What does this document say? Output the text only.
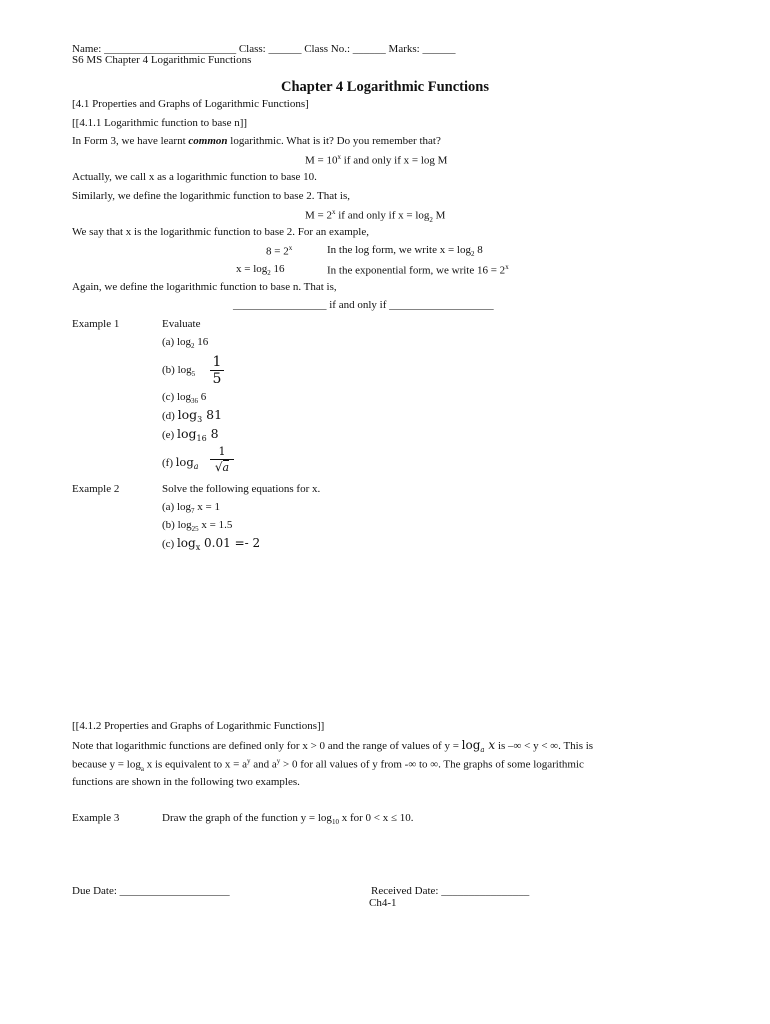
Name: ________________________ Class: ______ Class No.: ______ Marks: ______
S6 MS Chapter 4 Logarithmic Functions
Chapter 4 Logarithmic Functions
[4.1 Properties and Graphs of Logarithmic Functions]
[[4.1.1 Logarithmic function to base n]]
In Form 3, we have learnt common logarithmic. What is it? Do you remember that?
$M = 10^x$ if and only if x = log M
Actually, we call x as a logarithmic function to base 10.
Similarly, we define the logarithmic function to base 2. That is,
$M = 2^x$ if and only if $x = \log_2 M$
We say that x is the logarithmic function to base 2. For an example,
$8 = 2^x$	In the log form, we write $x = \log_2 8$
$x = \log_2 16$	In the exponential form, we write $16 = 2^x$
Again, we define the logarithmic function to base n. That is,
_________________ if and only if ___________________
Example 1	Evaluate
(a) $\log_2 16$
(b) $\log_5$
1
5
(c) $\log_{36} 6$
(d) $\log_3 81$
(e) $\log_{16} 8$
(f) $\log_a$
1
√a
Example 2	Solve the following equations for x.
(a) $\log_7 x = 1$
(b) $\log_{25} x = 1.5$
(c) $\log_x 0.01 =- 2$
[[4.1.2 Properties and Graphs of Logarithmic Functions]]
Note that logarithmic functions are defined only for x > 0 and the range of values of $y = \log_a x$ is –∞ < y < ∞. This is
because $y = \log_a x$ is equivalent to $x = a^y$ and $a^y > 0$ for all values of y from -∞ to ∞. The graphs of some logarithmic
functions are shown in the following two examples.
Example 3	Draw the graph of the function $y = \log_{10} x$ for 0 < x ≤ 10.
Due Date: ____________________	Received Date: ________________
Ch4-1
